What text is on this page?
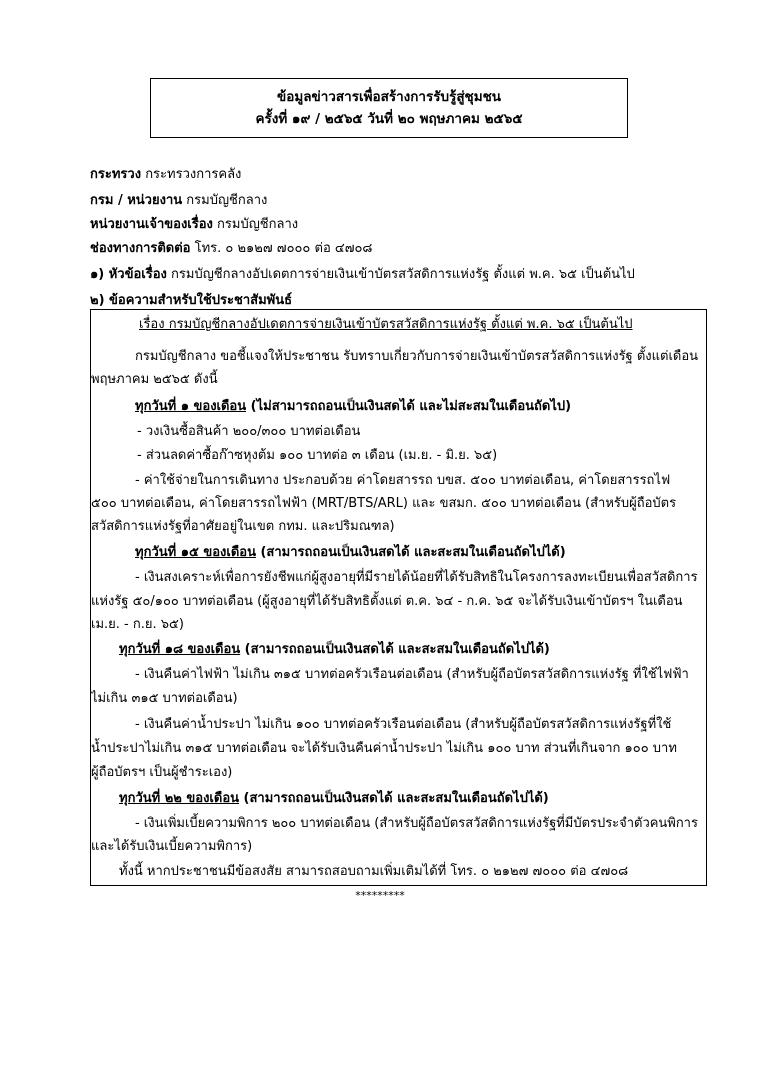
ข้อมูลข่าวสารเพื่อสร้างการรับรู้สู่ชุมชน
ครั้งที่ ๑๙ / ๒๕๖๕ วันที่ ๒๐ พฤษภาคม ๒๕๖๕
กระทรวง กระทรวงการคลัง
กรม / หน่วยงาน กรมบัญชีกลาง
หน่วยงานเจ้าของเรื่อง กรมบัญชีกลาง
ช่องทางการติดต่อ โทร. ๐ ๒๑๒๗ ๗๐๐๐ ต่อ ๔๗๐๘
๑) หัวข้อเรื่อง กรมบัญชีกลางอัปเดตการจ่ายเงินเข้าบัตรสวัสดิการแห่งรัฐ ตั้งแต่ พ.ค. ๖๕ เป็นต้นไป
๒) ข้อความสำหรับใช้ประชาสัมพันธ์
เรื่อง กรมบัญชีกลางอัปเดตการจ่ายเงินเข้าบัตรสวัสดิการแห่งรัฐ ตั้งแต่ พ.ค. ๖๕ เป็นต้นไป
กรมบัญชีกลาง ขอชี้แจงให้ประชาชน รับทราบเกี่ยวกับการจ่ายเงินเข้าบัตรสวัสดิการแห่งรัฐ ตั้งแต่เดือน
พฤษภาคม ๒๕๖๕ ดังนี้
ทุกวันที่ ๑ ของเดือน (ไม่สามารถถอนเป็นเงินสดได้ และไม่สะสมในเดือนถัดไป)
- วงเงินซื้อสินค้า ๒๐๐/๓๐๐ บาทต่อเดือน
- ส่วนลดค่าซื้อก๊าซหุงต้ม ๑๐๐ บาทต่อ ๓ เดือน (เม.ย. - มิ.ย. ๖๕)
- ค่าใช้จ่ายในการเดินทาง ประกอบด้วย ค่าโดยสารรถ บขส. ๕๐๐ บาทต่อเดือน, ค่าโดยสารรถไฟ
๕๐๐ บาทต่อเดือน, ค่าโดยสารรถไฟฟ้า (MRT/BTS/ARL) และ ขสมก. ๕๐๐ บาทต่อเดือน (สำหรับผู้ถือบัตร
สวัสดิการแห่งรัฐที่อาศัยอยู่ในเขต กทม. และปริมณฑล)
ทุกวันที่ ๑๕ ของเดือน (สามารถถอนเป็นเงินสดได้ และสะสมในเดือนถัดไปได้)
- เงินสงเคราะห์เพื่อการยังชีพแก่ผู้สูงอายุที่มีรายได้น้อยที่ได้รับสิทธิในโครงการลงทะเบียนเพื่อสวัสดิการ
แห่งรัฐ ๕๐/๑๐๐ บาทต่อเดือน (ผู้สูงอายุที่ได้รับสิทธิตั้งแต่ ต.ค. ๖๔ - ก.ค. ๖๕ จะได้รับเงินเข้าบัตรฯ ในเดือน
เม.ย. - ก.ย. ๖๕)
ทุกวันที่ ๑๘ ของเดือน (สามารถถอนเป็นเงินสดได้ และสะสมในเดือนถัดไปได้)
- เงินคืนค่าไฟฟ้า ไม่เกิน ๓๑๕ บาทต่อครัวเรือนต่อเดือน (สำหรับผู้ถือบัตรสวัสดิการแห่งรัฐ ที่ใช้ไฟฟ้า
ไม่เกิน ๓๑๕ บาทต่อเดือน)
- เงินคืนค่าน้ำประปา ไม่เกิน ๑๐๐ บาทต่อครัวเรือนต่อเดือน (สำหรับผู้ถือบัตรสวัสดิการแห่งรัฐที่ใช้
น้ำประปาไม่เกิน ๓๑๕ บาทต่อเดือน จะได้รับเงินคืนค่าน้ำประปา ไม่เกิน ๑๐๐ บาท ส่วนที่เกินจาก ๑๐๐ บาท
ผู้ถือบัตรฯ เป็นผู้ชำระเอง)
ทุกวันที่ ๒๒ ของเดือน (สามารถถอนเป็นเงินสดได้ และสะสมในเดือนถัดไปได้)
- เงินเพิ่มเบี้ยความพิการ ๒๐๐ บาทต่อเดือน (สำหรับผู้ถือบัตรสวัสดิการแห่งรัฐที่มีบัตรประจำตัวคนพิการ
และได้รับเงินเบี้ยความพิการ)
ทั้งนี้ หากประชาชนมีข้อสงสัย สามารถสอบถามเพิ่มเติมได้ที่ โทร. ๐ ๒๑๒๗ ๗๐๐๐ ต่อ ๔๗๐๘
*********
